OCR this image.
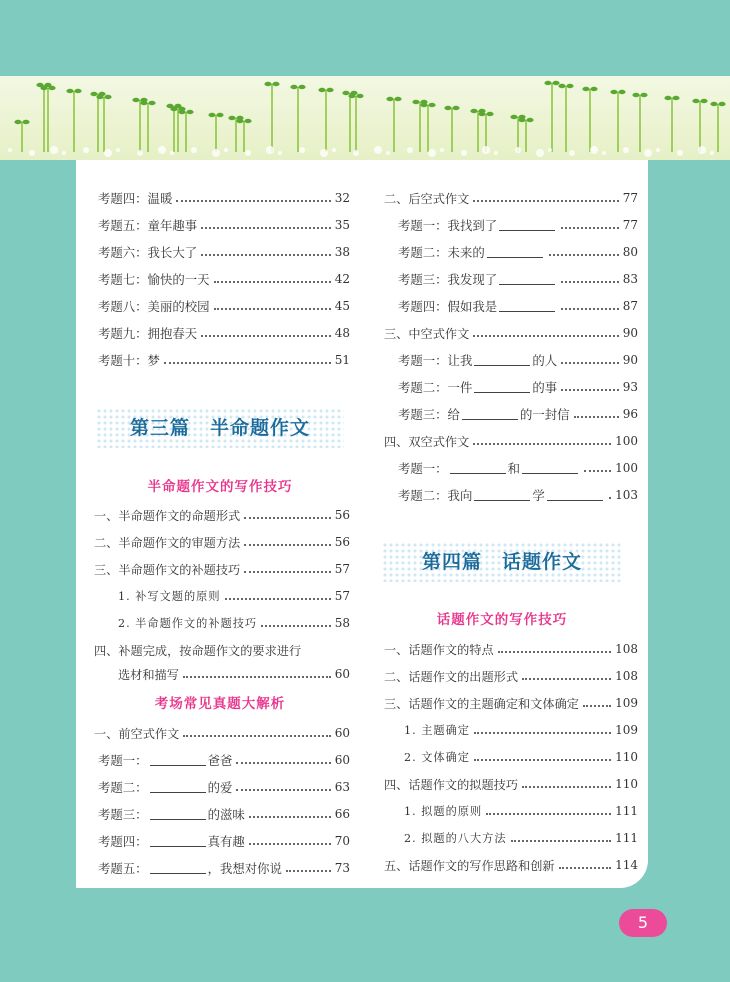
考题四：温暖	32
考题五：童年趣事	35
考题六：我长大了	38
考题七：愉快的一天	42
考题八：美丽的校园	45
考题九：拥抱春天	48
考题十：梦	51
第三篇　半命题作文
半命题作文的写作技巧
一、半命题作文的命题形式	56
二、半命题作文的审题方法	56
三、半命题作文的补题技巧	57
1. 补写文题的原则	57
2. 半命题作文的补题技巧	58
四、补题完成，按命题作文的要求进行
选材和描写	60
考场常见真题大解析
一、前空式作文	60
考题一：	爸爸	60
考题二：	的爱	63
考题三：	的滋味	66
考题四：	真有趣	70
考题五：	，我想对你说	73
二、后空式作文	77
考题一：我找到了	77
考题二：未来的	80
考题三：我发现了	83
考题四：假如我是	87
三、中空式作文	90
考题一：让我	的人	90
考题二：一件	的事	93
考题三：给	的一封信	96
四、双空式作文	100
考题一：	和	100
考题二：我向	学	103
第四篇　话题作文
话题作文的写作技巧
一、话题作文的特点	108
二、话题作文的出题形式	108
三、话题作文的主题确定和文体确定	109
1. 主题确定	109
2. 文体确定	110
四、话题作文的拟题技巧	110
1. 拟题的原则	111
2. 拟题的八大方法	111
五、话题作文的写作思路和创新	114
5
